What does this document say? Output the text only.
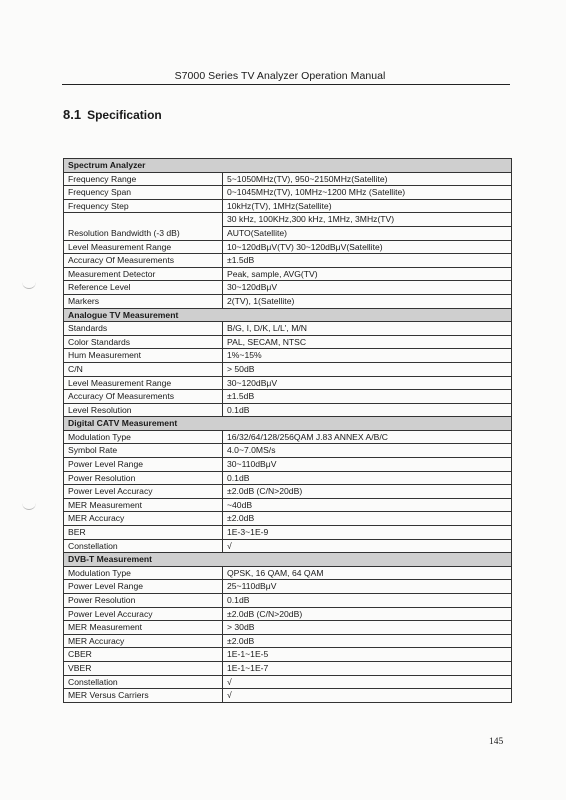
S7000 Series TV Analyzer Operation Manual
8.1 Specification
Spectrum Analyzer	
Frequency Range	5~1050MHz(TV), 950~2150MHz(Satellite)
Frequency Span	0~1045MHz(TV), 10MHz~1200 MHz (Satellite)
Frequency Step	10kHz(TV), 1MHz(Satellite)
Resolution Bandwidth (-3 dB)	30 kHz, 100KHz,300 kHz, 1MHz, 3MHz(TV)
AUTO(Satellite)

Level Measurement Range	10~120dBμV(TV) 30~120dBμV(Satellite)
Accuracy Of Measurements	±1.5dB
Measurement Detector	Peak, sample, AVG(TV)
Reference Level	30~120dBμV
Markers	2(TV), 1(Satellite)
Analogue TV Measurement	
Standards	B/G, I, D/K, L/L', M/N
Color Standards	PAL, SECAM, NTSC
Hum Measurement	1%~15%
C/N	> 50dB
Level Measurement Range	30~120dBμV
Accuracy Of Measurements	±1.5dB
Level Resolution	0.1dB
Digital CATV Measurement	
Modulation Type	16/32/64/128/256QAM J.83 ANNEX A/B/C
Symbol Rate	4.0~7.0MS/s
Power Level Range	30~110dBμV
Power Resolution	0.1dB
Power Level Accuracy	±2.0dB (C/N>20dB)
MER Measurement	~40dB
MER Accuracy	±2.0dB
BER	1E-3~1E-9
Constellation	√
DVB-T Measurement	
Modulation Type	QPSK, 16 QAM, 64 QAM
Power Level Range	25~110dBμV
Power Resolution	0.1dB
Power Level Accuracy	±2.0dB (C/N>20dB)
MER Measurement	> 30dB
MER Accuracy	±2.0dB
CBER	1E-1~1E-5
VBER	1E-1~1E-7
Constellation	√
MER Versus Carriers	√
145
